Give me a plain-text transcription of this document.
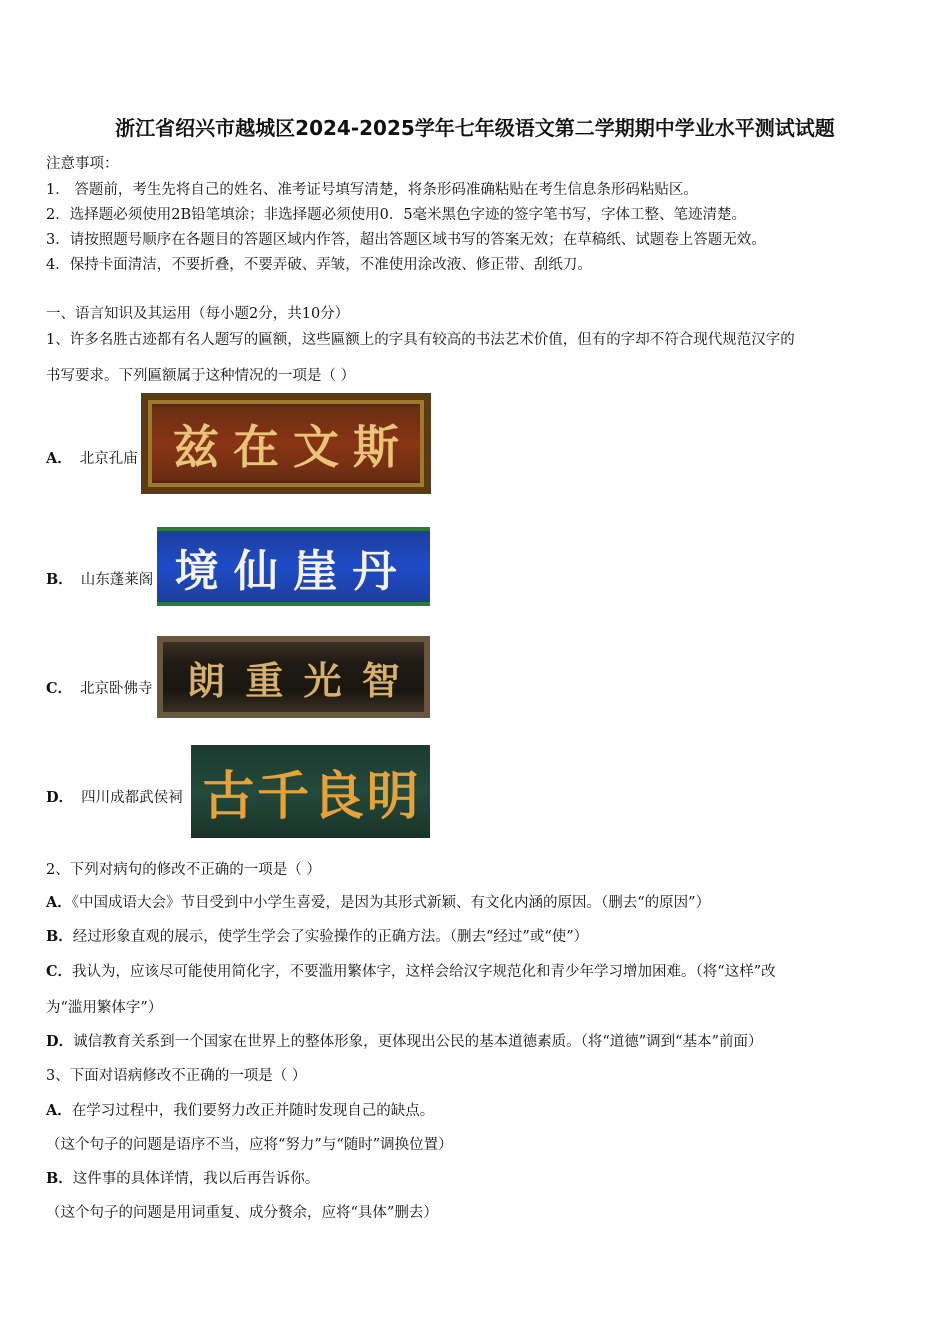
浙江省绍兴市越城区2024-2025学年七年级语文第二学期期中学业水平测试试题
注意事项：
1． 答题前，考生先将自己的姓名、准考证号填写清楚，将条形码准确粘贴在考生信息条形码粘贴区。
2．选择题必须使用2B铅笔填涂；非选择题必须使用0．5毫米黑色字迹的签字笔书写，字体工整、笔迹清楚。
3．请按照题号顺序在各题目的答题区域内作答，超出答题区域书写的答案无效；在草稿纸、试题卷上答题无效。
4．保持卡面清洁，不要折叠，不要弄破、弄皱，不准使用涂改液、修正带、刮纸刀。
一、语言知识及其运用（每小题2分，共10分）
1、许多名胜古迹都有名人题写的匾额，这些匾额上的字具有较高的书法艺术价值，但有的字却不符合现代规范汉字的
书写要求。下列匾额属于这种情况的一项是（ ）
A． 北京孔庙 兹 在 文 斯
B． 山东蓬莱阁 境 仙 崖 丹
C． 北京卧佛寺 朗 重 光 智
D． 四川成都武侯祠 古 千 良 明
2、下列对病句的修改不正确的一项是（ ）
A．《中国成语大会》节目受到中小学生喜爱，是因为其形式新颖、有文化内涵的原因。（删去“的原因”）
B．经过形象直观的展示，使学生学会了实验操作的正确方法。（删去“经过”或“使”）
C．我认为，应该尽可能使用简化字，不要滥用繁体字，这样会给汉字规范化和青少年学习增加困难。（将“这样”改
为“滥用繁体字”）
D．诚信教育关系到一个国家在世界上的整体形象，更体现出公民的基本道德素质。（将“道德”调到“基本”前面）
3、下面对语病修改不正确的一项是（ ）
A．在学习过程中，我们要努力改正并随时发现自己的缺点。
（这个句子的问题是语序不当，应将“努力”与“随时”调换位置）
B．这件事的具体详情，我以后再告诉你。
（这个句子的问题是用词重复、成分赘余，应将“具体”删去）
